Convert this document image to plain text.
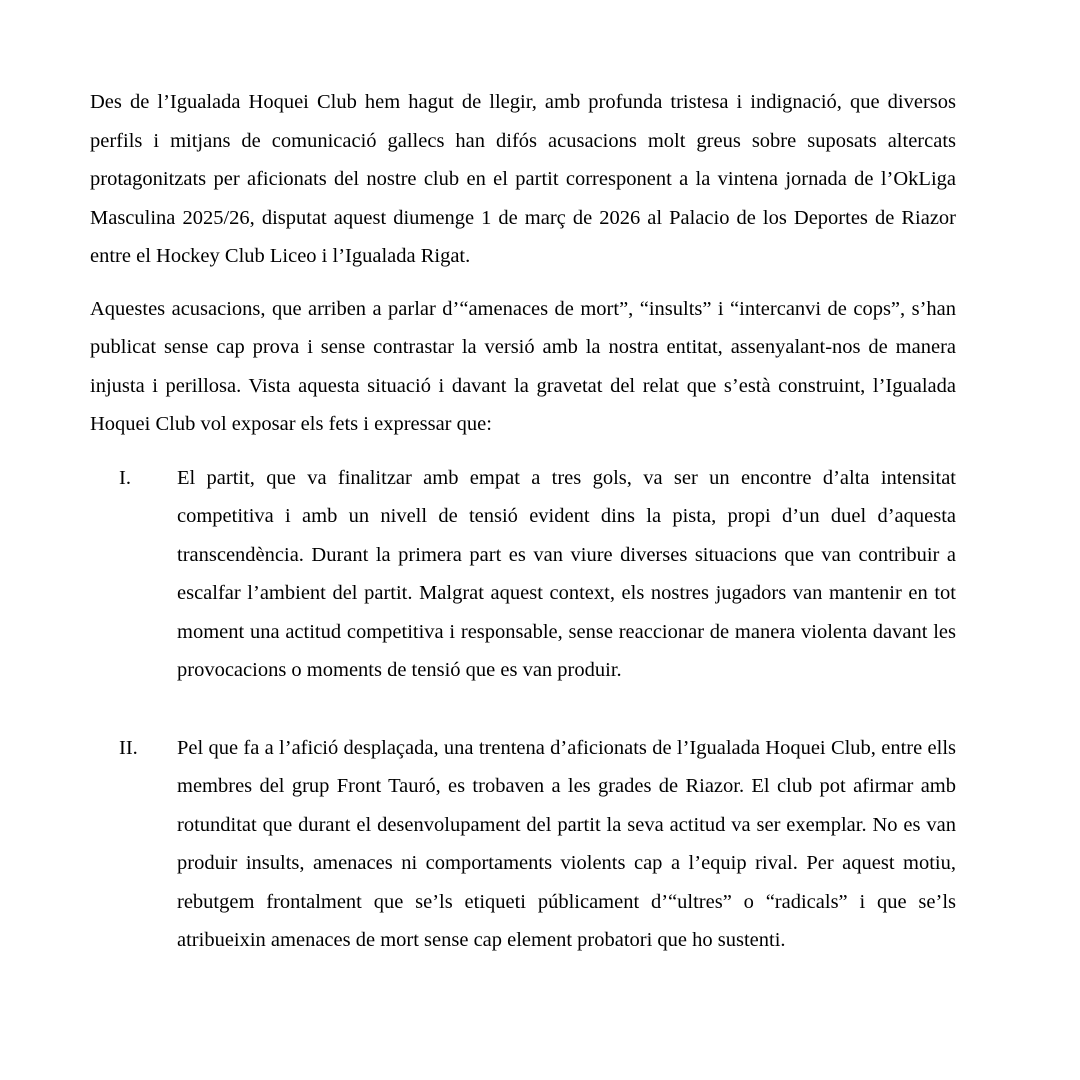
Des de l’Igualada Hoquei Club hem hagut de llegir, amb profunda tristesa i indignació, que diversos perfils i mitjans de comunicació gallecs han difós acusacions molt greus sobre suposats altercats protagonitzats per aficionats del nostre club en el partit corresponent a la vintena jornada de l’OkLiga Masculina 2025/26, disputat aquest diumenge 1 de març de 2026 al Palacio de los Deportes de Riazor entre el Hockey Club Liceo i l’Igualada Rigat.

Aquestes acusacions, que arriben a parlar d’“amenaces de mort”, “insults” i “intercanvi de cops”, s’han publicat sense cap prova i sense contrastar la versió amb la nostra entitat, assenyalant-nos de manera injusta i perillosa. Vista aquesta situació i davant la gravetat del relat que s’està construint, l’Igualada Hoquei Club vol exposar els fets i expressar que:

I. El partit, que va finalitzar amb empat a tres gols, va ser un encontre d’alta intensitat competitiva i amb un nivell de tensió evident dins la pista, propi d’un duel d’aquesta transcendència. Durant la primera part es van viure diverses situacions que van contribuir a escalfar l’ambient del partit. Malgrat aquest context, els nostres jugadors van mantenir en tot moment una actitud competitiva i responsable, sense reaccionar de manera violenta davant les provocacions o moments de tensió que es van produir.

II. Pel que fa a l’afició desplaçada, una trentena d’aficionats de l’Igualada Hoquei Club, entre ells membres del grup Front Tauró, es trobaven a les grades de Riazor. El club pot afirmar amb rotunditat que durant el desenvolupament del partit la seva actitud va ser exemplar. No es van produir insults, amenaces ni comportaments violents cap a l’equip rival. Per aquest motiu, rebutgem frontalment que se’ls etiqueti públicament d’“ultres” o “radicals” i que se’ls atribueixin amenaces de mort sense cap element probatori que ho sustenti.
